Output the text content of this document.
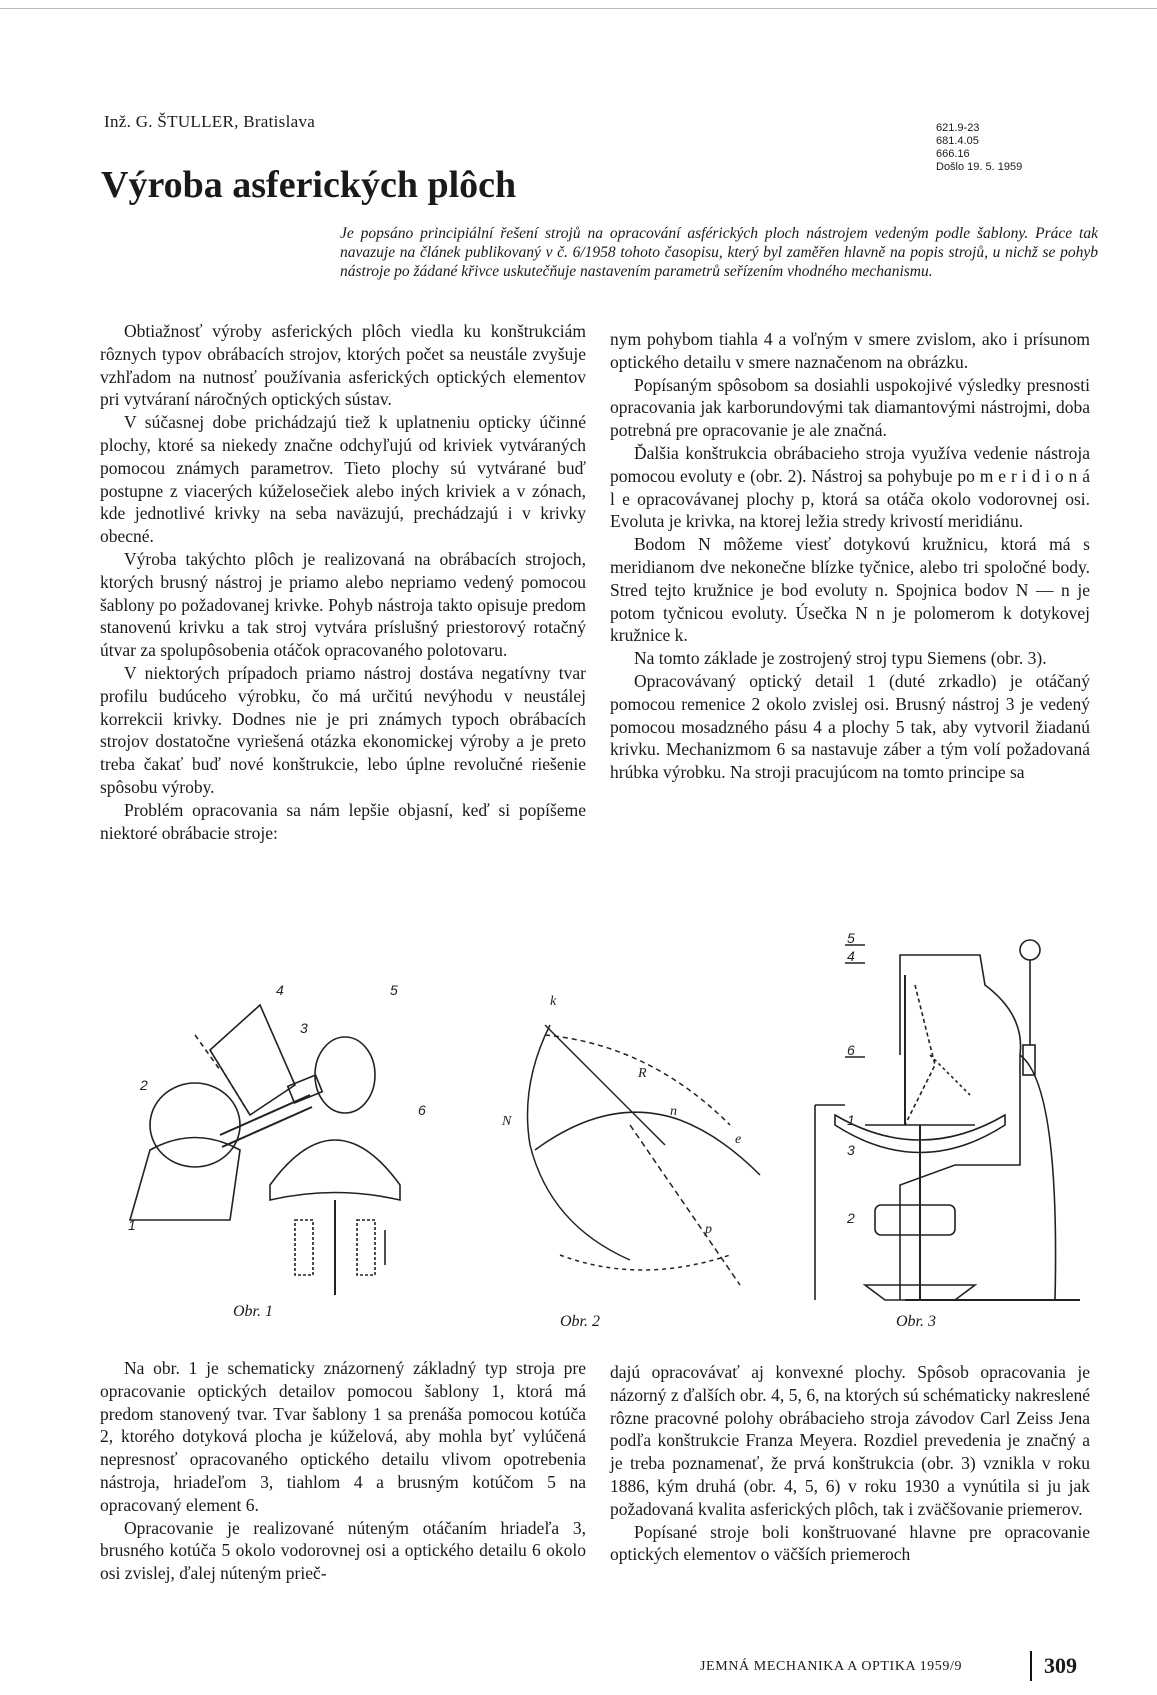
Inž. G. ŠTULLER, Bratislava
Výroba asferických plôch
621.9-23
681.4.05
666.16
Došlo 19. 5. 1959
Je popsáno principiální řešení strojů na opracování asférických ploch nástrojem vedeným podle šablony. Práce tak navazuje na článek publikovaný v č. 6/1958 tohoto časopisu, který byl zaměřen hlavně na popis strojů, u nichž se pohyb nástroje po žádané křivce uskutečňuje nastavením parametrů seřízením vhodného mechanismu.

Obtiažnosť výroby asferických plôch viedla ku konštrukciám rôznych typov obrábacích strojov, ktorých počet sa neustále zvyšuje vzhľadom na nutnosť používania asferických optických elementov pri vytváraní náročných optických sústav.

V súčasnej dobe prichádzajú tiež k uplatneniu opticky účinné plochy, ktoré sa niekedy značne odchyľujú od kriviek vytváraných pomocou známych parametrov. Tieto plochy sú vytvárané buď postupne z viacerých kúželosečiek alebo iných kriviek a v zónach, kde jednotlivé krivky na seba naväzujú, prechádzajú i v krivky obecné.

Výroba takýchto plôch je realizovaná na obrábacích strojoch, ktorých brusný nástroj je priamo alebo nepriamo vedený pomocou šablony po požadovanej krivke. Pohyb nástroja takto opisuje predom stanovenú krivku a tak stroj vytvára príslušný priestorový rotačný útvar za spolupôsobenia otáčok opracovaného polotovaru.

V niektorých prípadoch priamo nástroj dostáva negatívny tvar profilu budúceho výrobku, čo má určitú nevýhodu v neustálej korrekcii krivky. Dodnes nie je pri známych typoch obrábacích strojov dostatočne vyriešená otázka ekonomickej výroby a je preto treba čakať buď nové konštrukcie, lebo úplne revolučné riešenie spôsobu výroby.

Problém opracovania sa nám lepšie objasní, keď si popíšeme niektoré obrábacie stroje:

nym pohybom tiahla 4 a voľným v smere zvislom, ako i prísunom optického detailu v smere naznačenom na obrázku.

Popísaným spôsobom sa dosiahli uspokojivé výsledky presnosti opracovania jak karborundovými tak diamantovými nástrojmi, doba potrebná pre opracovanie je ale značná.

Ďalšia konštrukcia obrábacieho stroja využíva vedenie nástroja pomocou evoluty e (obr. 2). Nástroj sa pohybuje po m e r i d i o n á l e opracovávanej plochy p, ktorá sa otáča okolo vodorovnej osi. Evoluta je krivka, na ktorej ležia stredy krivostí meridiánu.

Bodom N môžeme viesť dotykovú kružnicu, ktorá má s meridianom dve nekonečne blízke tyčnice, alebo tri spoločné body. Stred tejto kružnice je bod evoluty n. Spojnica bodov N — n je potom tyčnicou evoluty. Úsečka N n je polomerom k dotykovej kružnice k.

Na tomto základe je zostrojený stroj typu Siemens (obr. 3).

Opracovávaný optický detail 1 (duté zrkadlo) je otáčaný pomocou remenice 2 okolo zvislej osi. Brusný nástroj 3 je vedený pomocou mosadzného pásu 4 a plochy 5 tak, aby vytvoril žiadanú krivku. Mechanizmom 6 sa nastavuje záber a tým volí požadovaná hrúbka výrobku. Na stroji pracujúcom na tomto principe sa

4	5
3
2
6
1
Obr. 1
k
R
N
n
e
p
Obr. 2
5
4
6
1
3
2
Obr. 3

Na obr. 1 je schematicky znázornený základný typ stroja pre opracovanie optických detailov pomocou šablony 1, ktorá má predom stanovený tvar. Tvar šablony 1 sa prenáša pomocou kotúča 2, ktorého dotyková plocha je kúželová, aby mohla byť vylúčená nepresnosť opracovaného optického detailu vlivom opotrebenia nástroja, hriadeľom 3, tiahlom 4 a brusným kotúčom 5 na opracovaný element 6.

Opracovanie je realizované núteným otáčaním hriadeľa 3, brusného kotúča 5 okolo vodorovnej osi a optického detailu 6 okolo osi zvislej, ďalej núteným priеč-

dajú opracovávať aj konvexné plochy. Spôsob opracovania je názorný z ďalších obr. 4, 5, 6, na ktorých sú schématicky nakreslené rôzne pracovné polohy obrábacieho stroja závodov Carl Zeiss Jena podľa konštrukcie Franza Meyera. Rozdiel prevedenia je značný a je treba poznamenať, že prvá konštrukcia (obr. 3) vznikla v roku 1886, kým druhá (obr. 4, 5, 6) v roku 1930 a vynútila si ju jak požadovaná kvalita asferických plôch, tak i zväčšovanie priemerov.

Popísané stroje boli konštruované hlavne pre opracovanie optických elementov o väčších priemeroch

JEMNÁ MECHANIKA A OPTIKA 1959/9	309
